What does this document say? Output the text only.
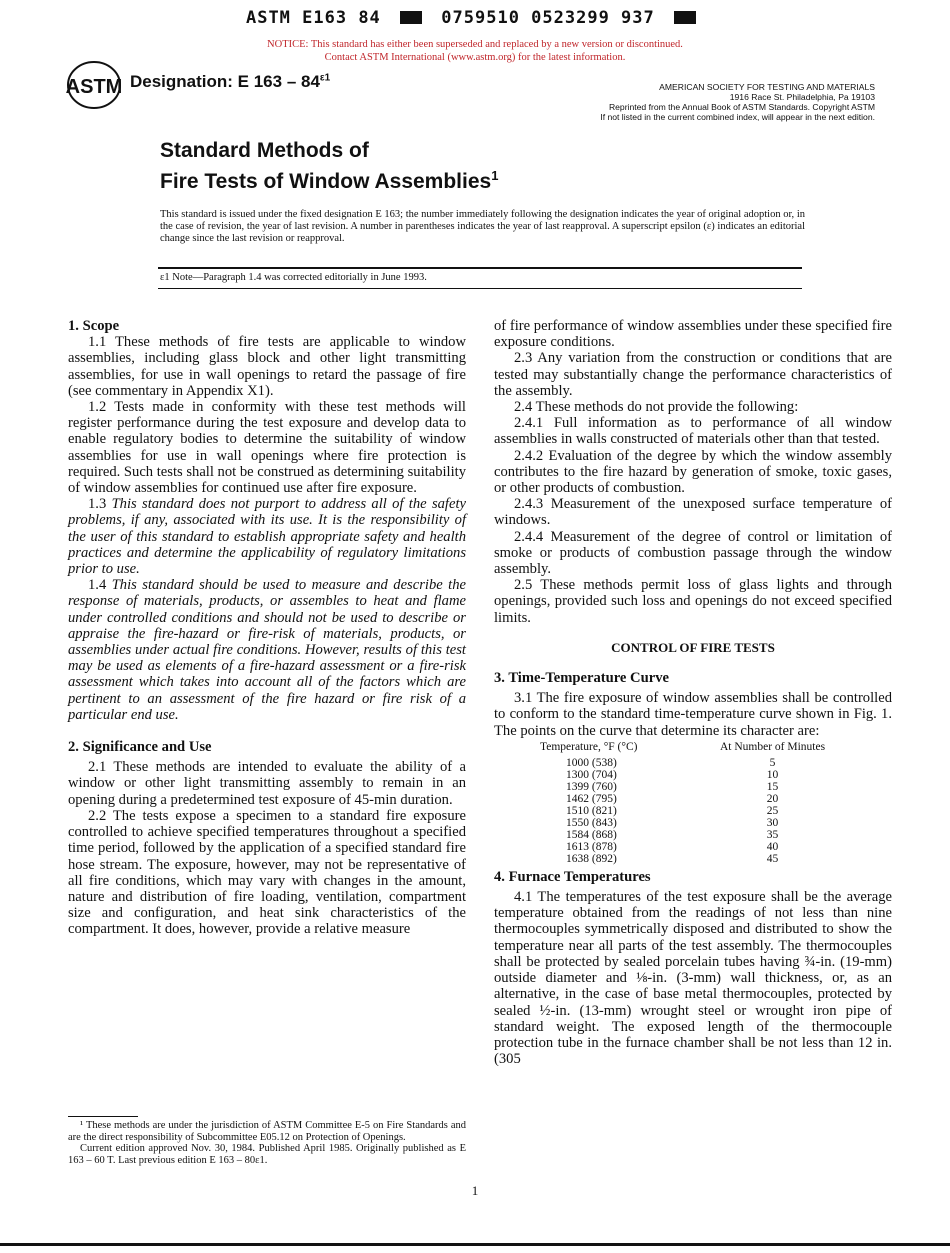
ASTM E163 84	0759510 0523299 937
NOTICE: This standard has either been superseded and replaced by a new version or discontinued.
Contact ASTM International (www.astm.org) for the latest information.
ASTM Designation: E $163 - 84^{\varepsilon 1}$
AMERICAN SOCIETY FOR TESTING AND MATERIALS
1916 Race St. Philadelphia, Pa 19103
Reprinted from the Annual Book of ASTM Standards. Copyright ASTM
If not listed in the current combined index, will appear in the next edition.
Standard Methods of
Fire Tests of Window Assemblies$^1$
This standard is issued under the fixed designation E 163; the number immediately following the designation indicates the year of original adoption or, in the case of revision, the year of last revision. A number in parentheses indicates the year of last reapproval. A superscript epsilon (ε) indicates an editorial change since the last revision or reapproval.
ε1 Note—Paragraph 1.4 was corrected editorially in June 1993.
1. Scope

1.1 These methods of fire tests are applicable to window assemblies, including glass block and other light transmitting assemblies, for use in wall openings to retard the passage of fire (see commentary in Appendix X1).

1.2 Tests made in conformity with these test methods will register performance during the test exposure and develop data to enable regulatory bodies to determine the suitability of window assemblies for use in wall openings where fire protection is required. Such tests shall not be construed as determining suitability of window assemblies for continued use after fire exposure.

1.3 This standard does not purport to address all of the safety problems, if any, associated with its use. It is the responsibility of the user of this standard to establish appropriate safety and health practices and determine the applicability of regulatory limitations prior to use.

1.4 This standard should be used to measure and describe the response of materials, products, or assembles to heat and flame under controlled conditions and should not be used to describe or appraise the fire-hazard or fire-risk of materials, products, or assemblies under actual fire conditions. However, results of this test may be used as elements of a fire-hazard assessment or a fire-risk assessment which takes into account all of the factors which are pertinent to an assessment of the fire hazard or fire risk of a particular end use.

2. Significance and Use

2.1 These methods are intended to evaluate the ability of a window or other light transmitting assembly to remain in an opening during a predetermined test exposure of 45-min duration.

2.2 The tests expose a specimen to a standard fire exposure controlled to achieve specified temperatures throughout a specified time period, followed by the application of a specified standard fire hose stream. The exposure, however, may not be representative of all fire conditions, which may vary with changes in the amount, nature and distribution of fire loading, ventilation, compartment size and configuration, and heat sink characteristics of the compartment. It does, however, provide a relative measure

of fire performance of window assemblies under these specified fire exposure conditions.

2.3 Any variation from the construction or conditions that are tested may substantially change the performance characteristics of the assembly.

2.4 These methods do not provide the following:

2.4.1 Full information as to performance of all window assemblies in walls constructed of materials other than that tested.

2.4.2 Evaluation of the degree by which the window assembly contributes to the fire hazard by generation of smoke, toxic gases, or other products of combustion.

2.4.3 Measurement of the unexposed surface temperature of windows.

2.4.4 Measurement of the degree of control or limitation of smoke or products of combustion passage through the window assembly.

2.5 These methods permit loss of glass lights and through openings, provided such loss and openings do not exceed specified limits.

CONTROL OF FIRE TESTS

3. Time-Temperature Curve

3.1 The fire exposure of window assemblies shall be controlled to conform to the standard time-temperature curve shown in Fig. 1. The points on the curve that determine its character are:

Temperature, °F (°C)	At Number of Minutes
1000 (538)	5
1300 (704)	10
1399 (760)	15
1462 (795)	20
1510 (821)	25
1550 (843)	30
1584 (868)	35
1613 (878)	40
1638 (892)	45
4. Furnace Temperatures

4.1 The temperatures of the test exposure shall be the average temperature obtained from the readings of not less than nine thermocouples symmetrically disposed and distributed to show the temperature near all parts of the test assembly. The thermocouples shall be protected by sealed porcelain tubes having ¾-in. (19-mm) outside diameter and ⅛-in. (3-mm) wall thickness, or, as an alternative, in the case of base metal thermocouples, protected by sealed ½-in. (13-mm) wrought steel or wrought iron pipe of standard weight. The exposed length of the thermocouple protection tube in the furnace chamber shall be not less than 12 in. (305

¹ These methods are under the jurisdiction of ASTM Committee E-5 on Fire Standards and are the direct responsibility of Subcommittee E05.12 on Protection of Openings.

Current edition approved Nov. 30, 1984. Published April 1985. Originally published as E 163 – 60 T. Last previous edition E 163 – 80ε1.

1
